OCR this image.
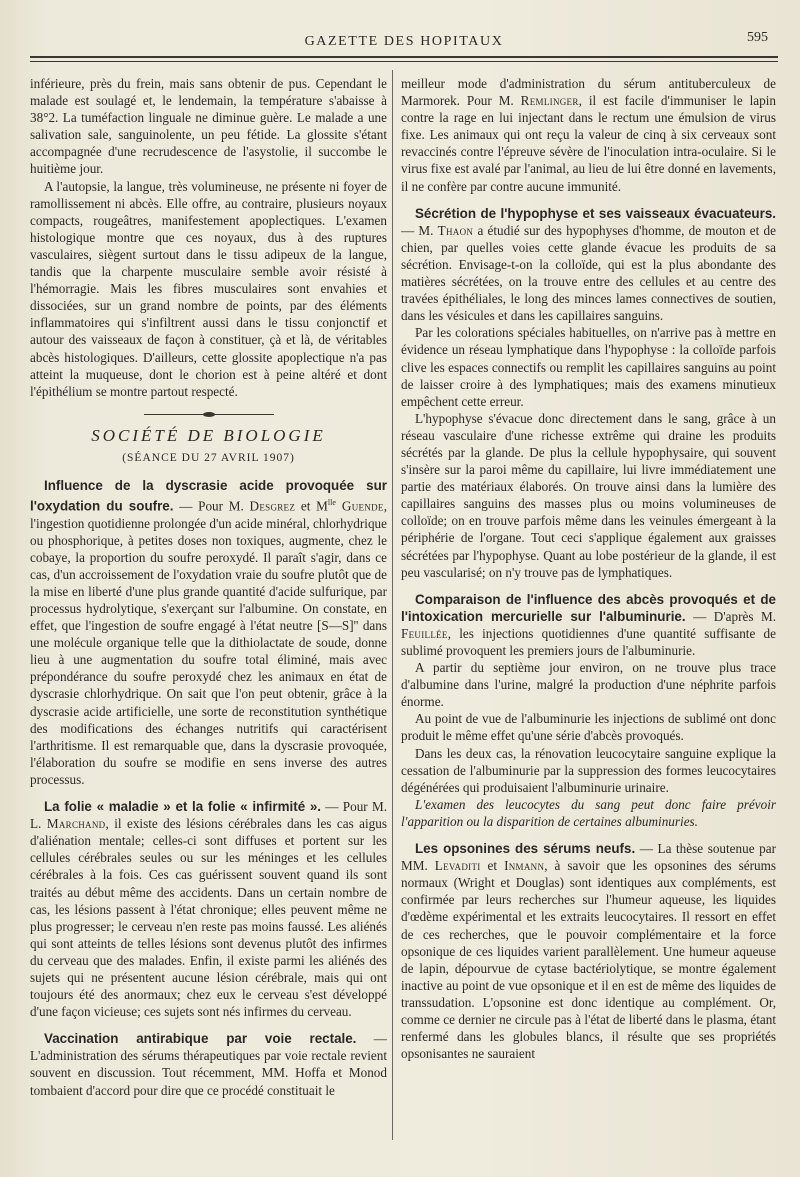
GAZETTE DES HOPITAUX	595

inférieure, près du frein, mais sans obtenir de pus. Cependant le malade est soulagé et, le lendemain, la température s'abaisse à 38°2. La tuméfaction linguale ne diminue guère. Le malade a une salivation sale, sanguinolente, un peu fétide. La glossite s'étant accompagnée d'une recrudescence de l'asystolie, il succombe le huitième jour.

A l'autopsie, la langue, très volumineuse, ne présente ni foyer de ramollissement ni abcès. Elle offre, au contraire, plusieurs noyaux compacts, rougeâtres, manifestement apoplectiques. L'examen histologique montre que ces noyaux, dus à des ruptures vasculaires, siègent surtout dans le tissu adipeux de la langue, tandis que la charpente musculaire semble avoir résisté à l'hémorragie. Mais les fibres musculaires sont envahies et dissociées, sur un grand nombre de points, par des éléments inflammatoires qui s'infiltrent aussi dans le tissu conjonctif et autour des vaisseaux de façon à constituer, çà et là, de véritables abcès histologiques. D'ailleurs, cette glossite apoplectique n'a pas atteint la muqueuse, dont le chorion est à peine altéré et dont l'épithélium se montre partout respecté.

SOCIÉTÉ DE BIOLOGIE
(SÉANCE DU 27 AVRIL 1907)

Influence de la dyscrasie acide provoquée sur l'oxydation du soufre. — Pour M. Desgrez et $M^{lle}$ Guende, l'ingestion quotidienne prolongée d'un acide minéral, chlorhydrique ou phosphorique, à petites doses non toxiques, augmente, chez le cobaye, la proportion du soufre peroxydé. Il paraît s'agir, dans ce cas, d'un accroissement de l'oxydation vraie du soufre plutôt que de la mise en liberté d'une plus grande quantité d'acide sulfurique, par processus hydrolytique, s'exerçant sur l'albumine. On constate, en effet, que l'ingestion de soufre engagé à l'état neutre [S—S]'' dans une molécule organique telle que la dithiolactate de soude, donne lieu à une augmentation du soufre total éliminé, mais avec prépondérance du soufre peroxydé chez les animaux en état de dyscrasie chlorhydrique. On sait que l'on peut obtenir, grâce à la dyscrasie acide artificielle, une sorte de reconstitution synthétique des modifications des échanges nutritifs qui caractérisent l'arthritisme. Il est remarquable que, dans la dyscrasie provoquée, l'élaboration du soufre se modifie en sens inverse des autres processus.

La folie « maladie » et la folie « infirmité ». — Pour M. L. Marchand, il existe des lésions cérébrales dans les cas aigus d'aliénation mentale; celles-ci sont diffuses et portent sur les cellules cérébrales seules ou sur les méninges et les cellules cérébrales à la fois. Ces cas guérissent souvent quand ils sont traités au début même des accidents. Dans un certain nombre de cas, les lésions passent à l'état chronique; elles peuvent même ne plus progresser; le cerveau n'en reste pas moins faussé. Les aliénés qui sont atteints de telles lésions sont devenus plutôt des infirmes du cerveau que des malades. Enfin, il existe parmi les aliénés des sujets qui ne présentent aucune lésion cérébrale, mais qui ont toujours été des anormaux; chez eux le cerveau s'est développé d'une façon vicieuse; ces sujets sont nés infirmes du cerveau.

Vaccination antirabique par voie rectale. — L'administration des sérums thérapeutiques par voie rectale revient souvent en discussion. Tout récemment, MM. Hoffa et Monod tombaient d'accord pour dire que ce procédé constituait le

meilleur mode d'administration du sérum antituberculeux de Marmorek. Pour M. Remlinger, il est facile d'immuniser le lapin contre la rage en lui injectant dans le rectum une émulsion de virus fixe. Les animaux qui ont reçu la valeur de cinq à six cerveaux sont revaccinés contre l'épreuve sévère de l'inoculation intra-oculaire. Si le virus fixe est avalé par l'animal, au lieu de lui être donné en lavements, il ne confère par contre aucune immunité.

Sécrétion de l'hypophyse et ses vaisseaux évacuateurs. — M. Thaon a étudié sur des hypophyses d'homme, de mouton et de chien, par quelles voies cette glande évacue les produits de sa sécrétion. Envisage-t-on la colloïde, qui est la plus abondante des matières sécrétées, on la trouve entre des cellules et au centre des travées épithéliales, le long des minces lames connectives de soutien, dans les vésicules et dans les capillaires sanguins.

Par les colorations spéciales habituelles, on n'arrive pas à mettre en évidence un réseau lymphatique dans l'hypophyse : la colloïde parfois clive les espaces connectifs ou remplit les capillaires sanguins au point de laisser croire à des lymphatiques; mais des examens minutieux empêchent cette erreur.

L'hypophyse s'évacue donc directement dans le sang, grâce à un réseau vasculaire d'une richesse extrême qui draine les produits sécrétés par la glande. De plus la cellule hypophysaire, qui souvent s'insère sur la paroi même du capillaire, lui livre immédiatement une partie des matériaux élaborés. On trouve ainsi dans la lumière des capillaires sanguins des masses plus ou moins volumineuses de colloïde; on en trouve parfois même dans les veinules émergeant à la périphérie de l'organe. Tout ceci s'applique également aux graisses sécrétées par l'hypophyse. Quant au lobe postérieur de la glande, il est peu vascularisé; on n'y trouve pas de lymphatiques.

Comparaison de l'influence des abcès provoqués et de l'intoxication mercurielle sur l'albuminurie. — D'après M. Feuillée, les injections quotidiennes d'une quantité suffisante de sublimé provoquent les premiers jours de l'albuminurie.

A partir du septième jour environ, on ne trouve plus trace d'albumine dans l'urine, malgré la production d'une néphrite parfois énorme.

Au point de vue de l'albuminurie les injections de sublimé ont donc produit le même effet qu'une série d'abcès provoqués.

Dans les deux cas, la rénovation leucocytaire sanguine explique la cessation de l'albuminurie par la suppression des formes leucocytaires dégénérées qui produisaient l'albuminurie urinaire.

L'examen des leucocytes du sang peut donc faire prévoir l'apparition ou la disparition de certaines albuminuries.

Les opsonines des sérums neufs. — La thèse soutenue par MM. Levaditi et Inmann, à savoir que les opsonines des sérums normaux (Wright et Douglas) sont identiques aux compléments, est confirmée par leurs recherches sur l'humeur aqueuse, les liquides d'œdème expérimental et les extraits leucocytaires. Il ressort en effet de ces recherches, que le pouvoir complémentaire et la force opsonique de ces liquides varient parallèlement. Une humeur aqueuse de lapin, dépourvue de cytase bactériolytique, se montre également inactive au point de vue opsonique et il en est de même des liquides de transsudation. L'opsonine est donc identique au complément. Or, comme ce dernier ne circule pas à l'état de liberté dans le plasma, étant renfermé dans les globules blancs, il résulte que ses propriétés opsonisantes ne sauraient
